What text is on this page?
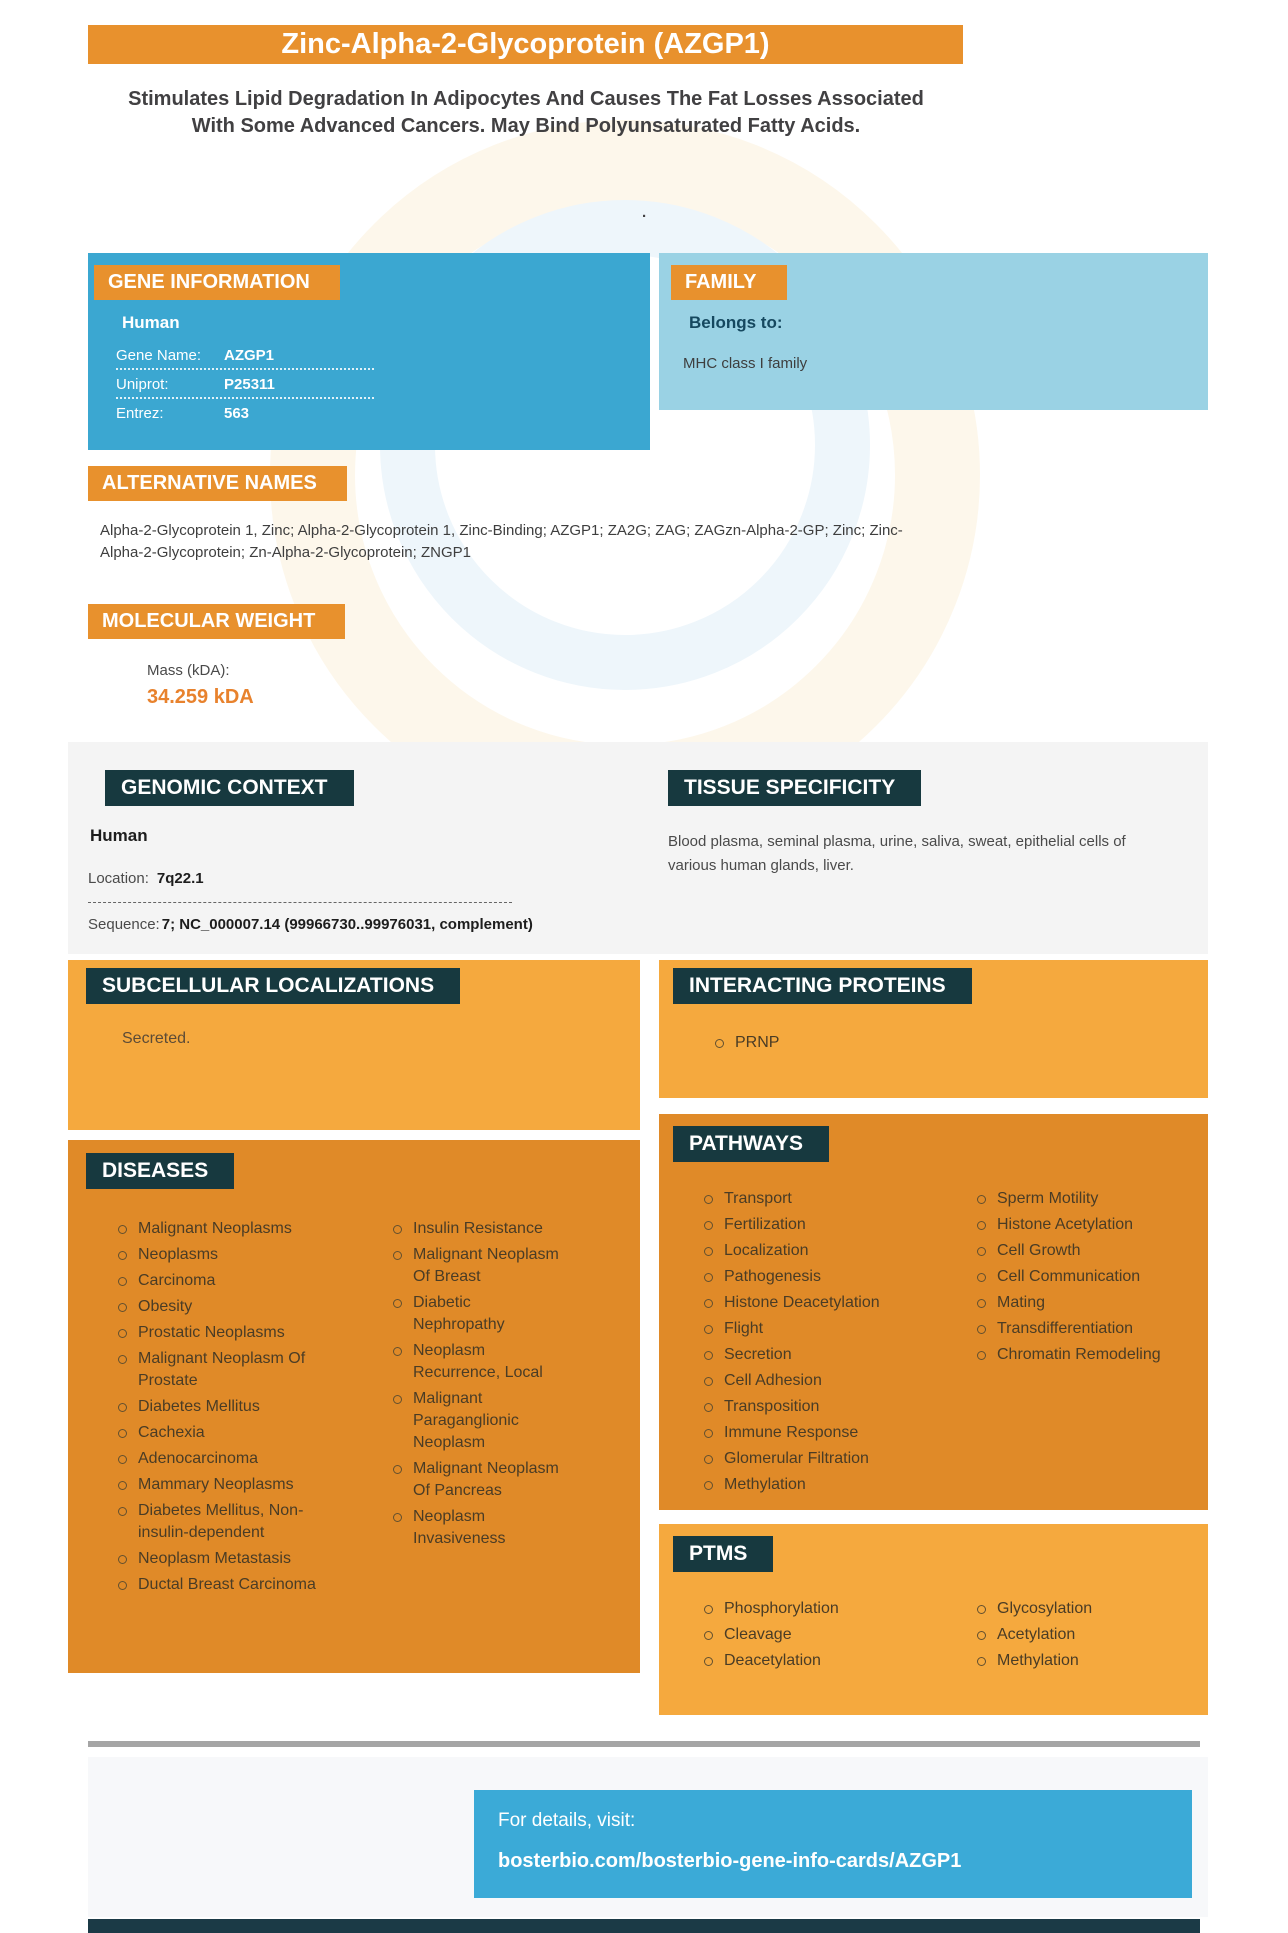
Zinc-Alpha-2-Glycoprotein (AZGP1)
Stimulates Lipid Degradation In Adipocytes And Causes The Fat Losses Associated With Some Advanced Cancers. May Bind Polyunsaturated Fatty Acids.
.
GENE INFORMATION
Human
Gene Name:	AZGP1
Uniprot:	P25311
Entrez:	563
FAMILY
Belongs to:
MHC class I family
ALTERNATIVE NAMES
Alpha-2-Glycoprotein 1, Zinc; Alpha-2-Glycoprotein 1, Zinc-Binding; AZGP1; ZA2G; ZAG; ZAGzn-Alpha-2-GP; Zinc; Zinc-Alpha-2-Glycoprotein; Zn-Alpha-2-Glycoprotein; ZNGP1
MOLECULAR WEIGHT
Mass (kDA):
34.259 kDA
GENOMIC CONTEXT
Human
Location: 7q22.1
Sequence: 7; NC_000007.14 (99966730..99976031, complement)
TISSUE SPECIFICITY
Blood plasma, seminal plasma, urine, saliva, sweat, epithelial cells of various human glands, liver.
SUBCELLULAR LOCALIZATIONS
Secreted.
INTERACTING PROTEINS
PRNP
DISEASES
Malignant Neoplasms
Neoplasms
Carcinoma
Obesity
Prostatic Neoplasms
Malignant Neoplasm Of Prostate
Diabetes Mellitus
Cachexia
Adenocarcinoma
Mammary Neoplasms
Diabetes Mellitus, Non-insulin-dependent
Neoplasm Metastasis
Ductal Breast Carcinoma
Insulin Resistance
Malignant Neoplasm Of Breast
Diabetic Nephropathy
Neoplasm Recurrence, Local
Malignant Paraganglionic Neoplasm
Malignant Neoplasm Of Pancreas
Neoplasm Invasiveness
PATHWAYS
Transport
Fertilization
Localization
Pathogenesis
Histone Deacetylation
Flight
Secretion
Cell Adhesion
Transposition
Immune Response
Glomerular Filtration
Methylation
Sperm Motility
Histone Acetylation
Cell Growth
Cell Communication
Mating
Transdifferentiation
Chromatin Remodeling
PTMS
Phosphorylation
Cleavage
Deacetylation
Glycosylation
Acetylation
Methylation
For details, visit:
bosterbio.com/bosterbio-gene-info-cards/AZGP1
